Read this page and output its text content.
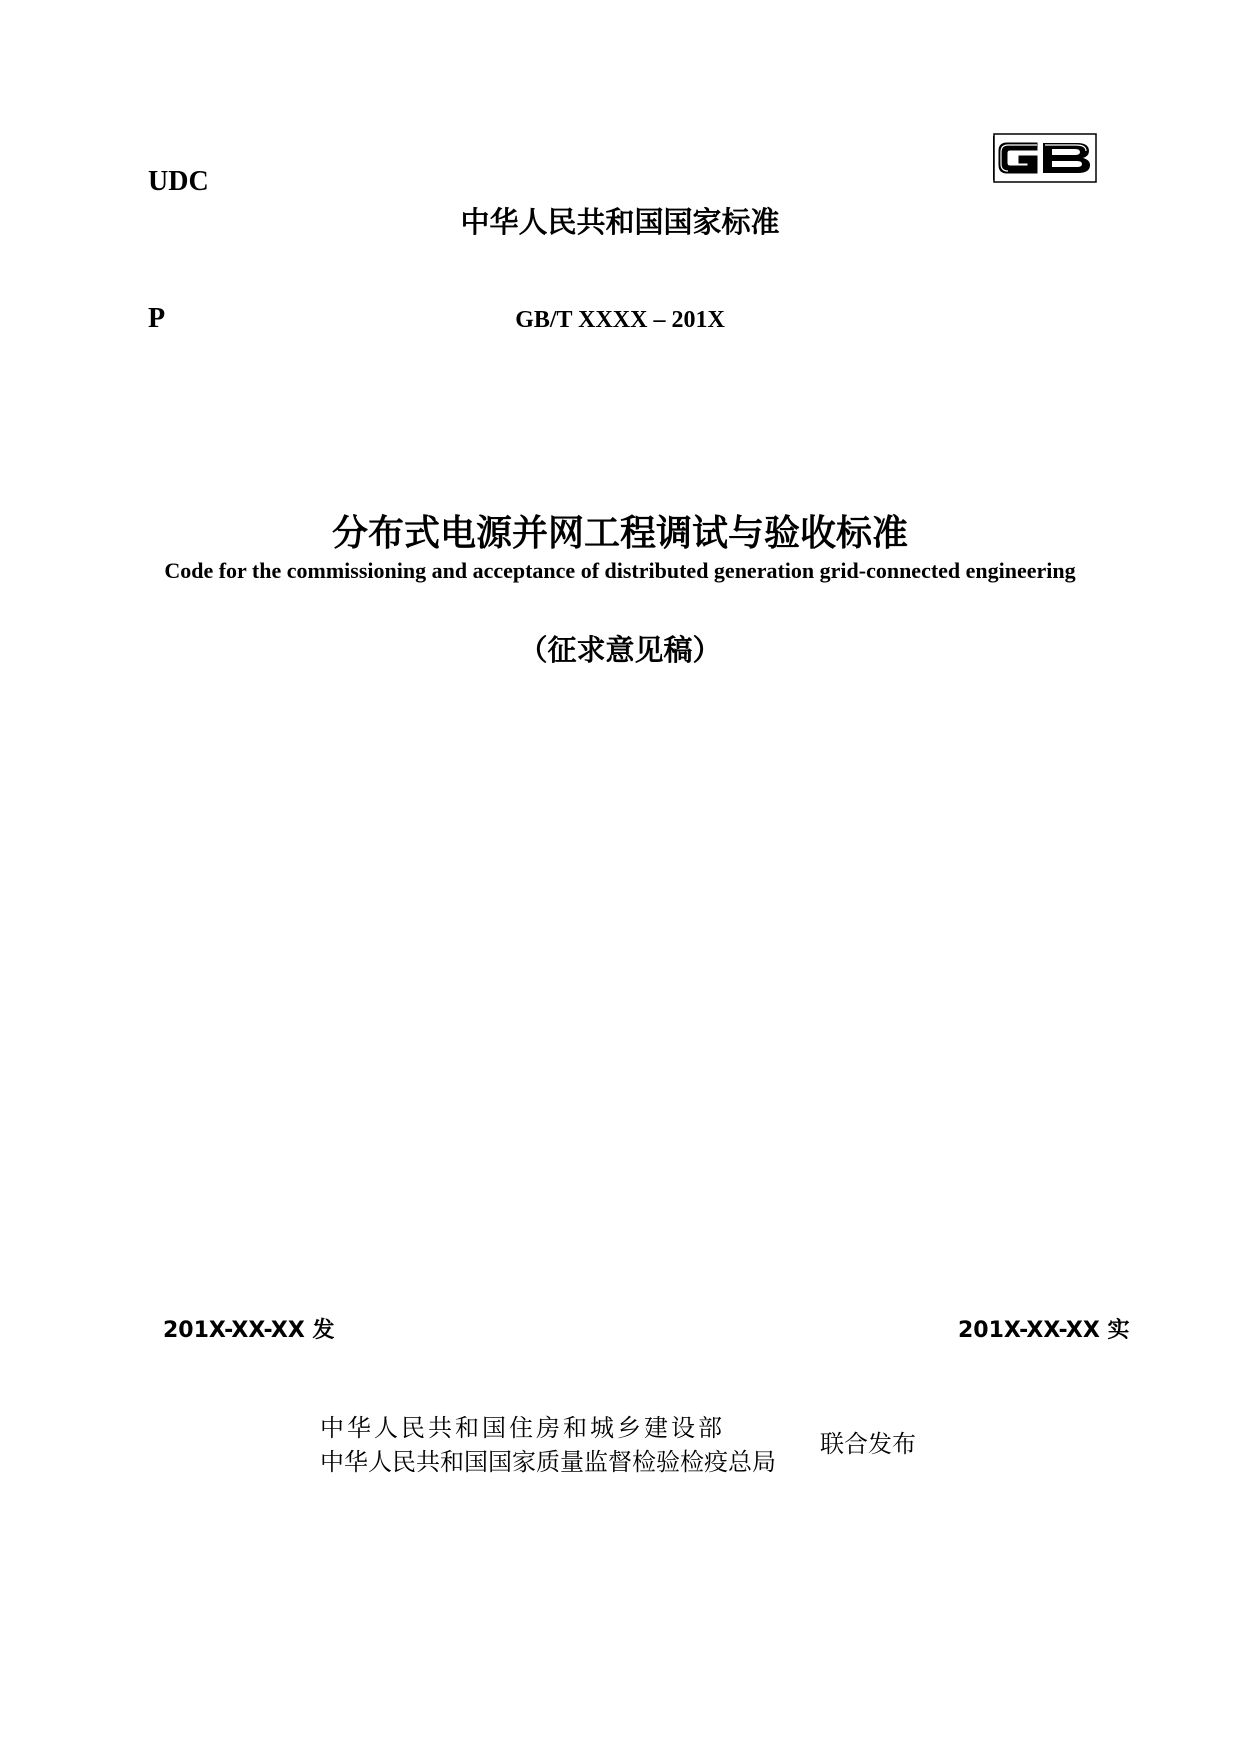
UDC
P
中华人民共和国国家标准
GB/T XXXX – 201X
分布式电源并网工程调试与验收标准
Code for the commissioning and acceptance of distributed generation grid-connected engineering
（征求意见稿）
201X-XX-XX 发	201X-XX-XX 实
中华人民共和国住房和城乡建设部
中华人民共和国国家质量监督检验检疫总局
联合发布
